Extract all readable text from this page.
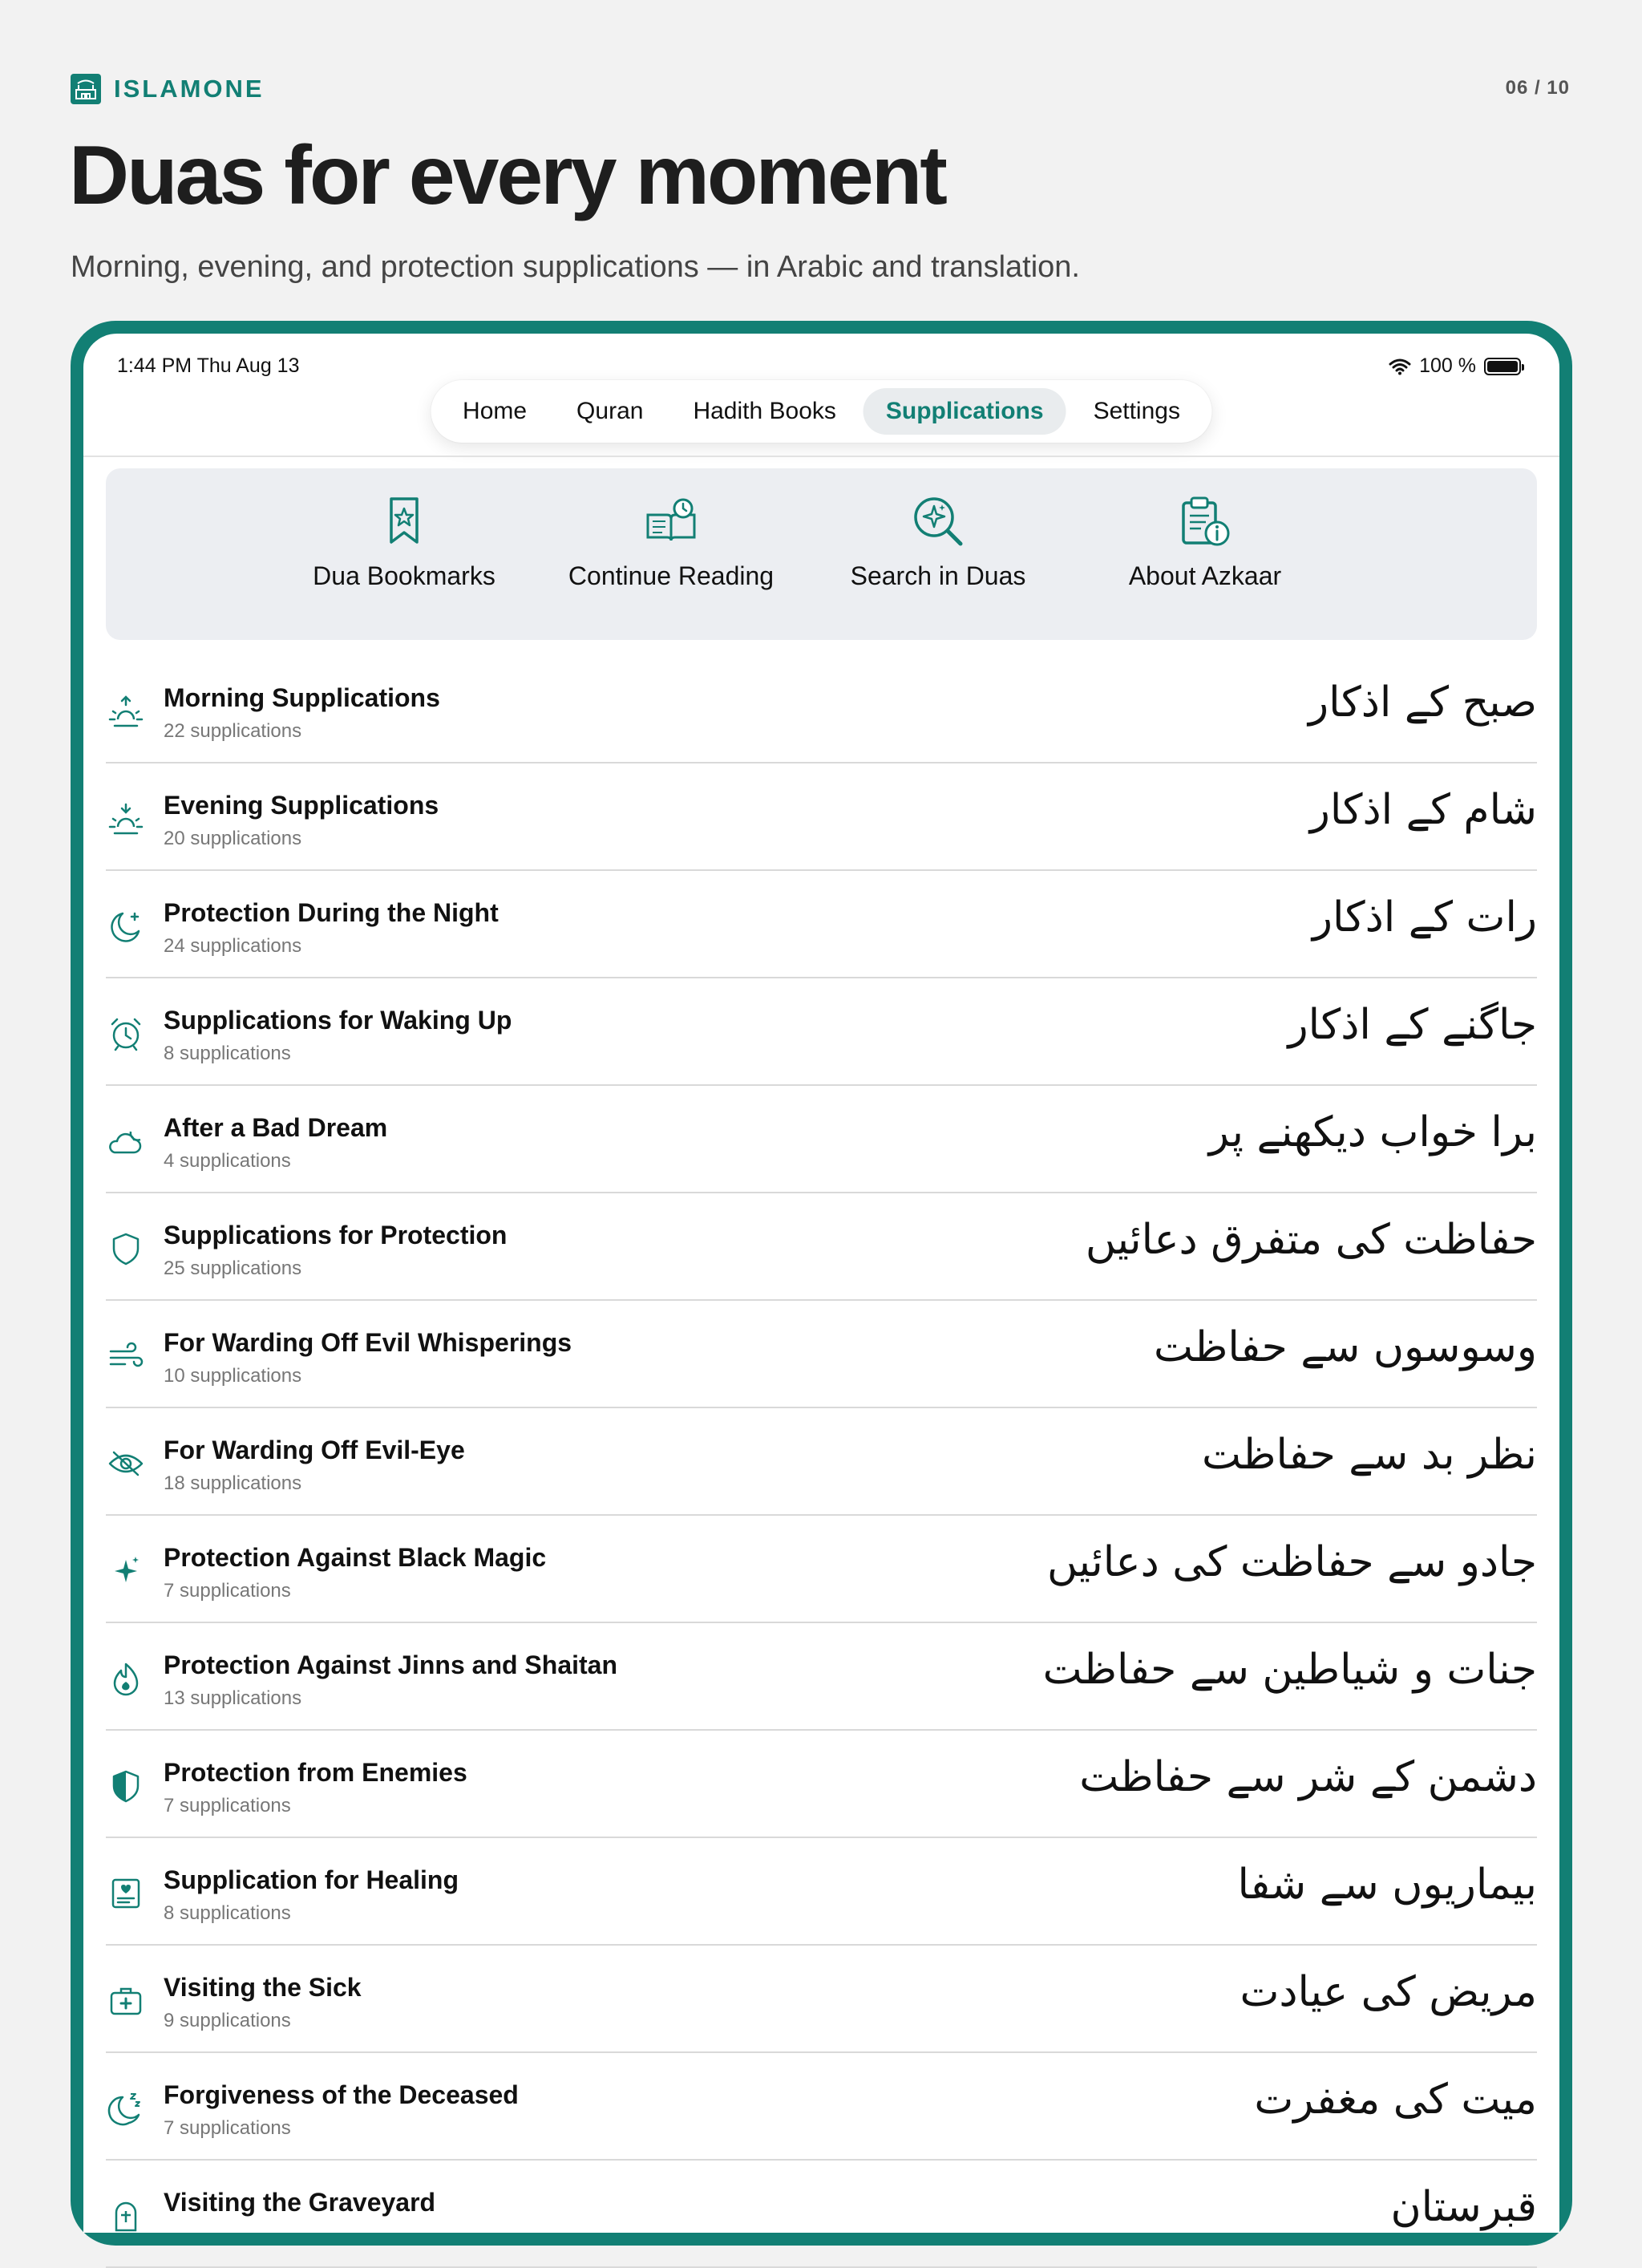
ISLAMONE	06 / 10
Duas for every moment

Morning, evening, and protection supplications — in Arabic and translation.

1:44 PM Thu Aug 13	100 %
Home	Quran	Hadith Books	Supplications	Settings
Dua Bookmarks	Continue Reading	Search in Duas	About Azkaar
Morning Supplications
22 supplications
صبح کے اذکار
Evening Supplications
20 supplications
شام کے اذکار
Protection During the Night
24 supplications
رات کے اذکار
Supplications for Waking Up
8 supplications
جاگنے کے اذکار
After a Bad Dream
4 supplications
برا خواب دیکھنے پر
Supplications for Protection
25 supplications
حفاظت کی متفرق دعائیں
For Warding Off Evil Whisperings
10 supplications
وسوسوں سے حفاظت
For Warding Off Evil-Eye
18 supplications
نظر بد سے حفاظت
Protection Against Black Magic
7 supplications
جادو سے حفاظت کی دعائیں
Protection Against Jinns and Shaitan
13 supplications
جنات و شیاطین سے حفاظت
Protection from Enemies
7 supplications
دشمن کے شر سے حفاظت
Supplication for Healing
8 supplications
بیماریوں سے شفا
Visiting the Sick
9 supplications
مریض کی عیادت
Forgiveness of the Deceased
7 supplications
میت کی مغفرت
Visiting the Graveyard	قبرستان
